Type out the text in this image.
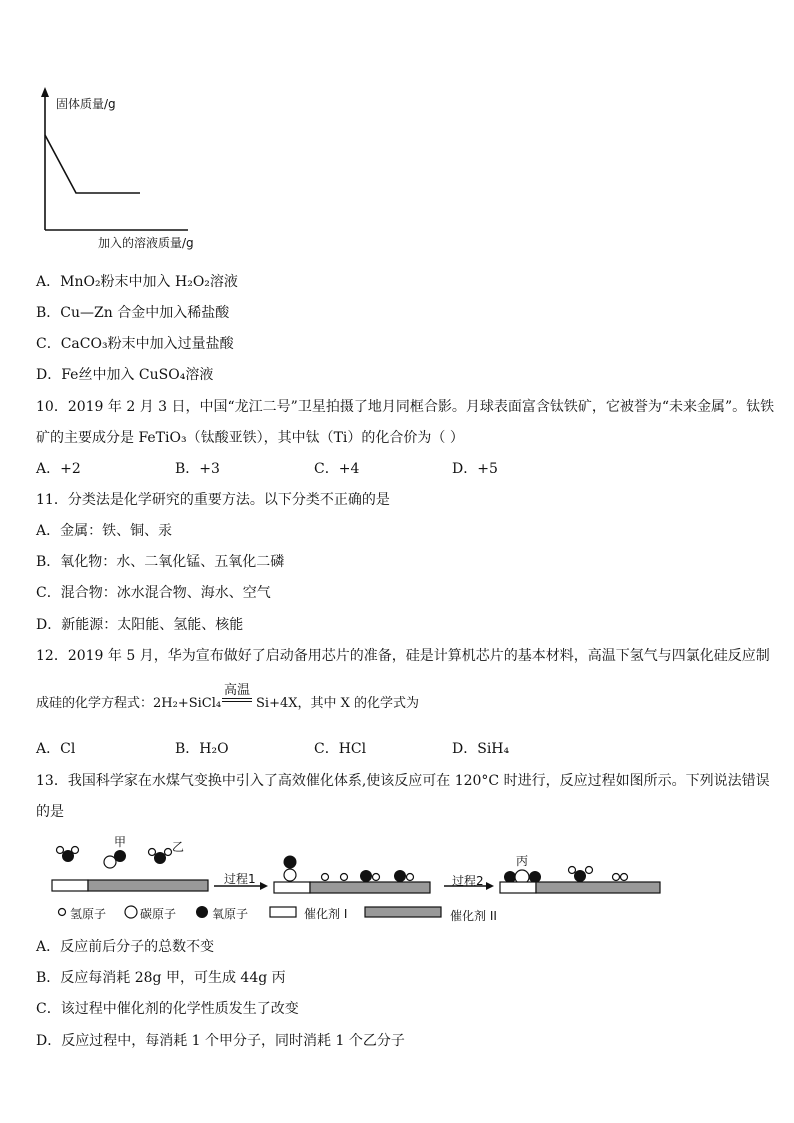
固体质量/g
加入的溶液质量/g
A．MnO₂粉末中加入 H₂O₂溶液
B．Cu—Zn 合金中加入稀盐酸
C．CaCO₃粉末中加入过量盐酸
D．Fe丝中加入 CuSO₄溶液
10．2019 年 2 月 3 日，中国“龙江二号”卫星拍摄了地月同框合影。月球表面富含钛铁矿，它被誉为“未来金属”。钛铁
矿的主要成分是 FeTiO₃（钛酸亚铁），其中钛（Ti）的化合价为（ ）
A．+2	B．+3	C．+4	D．+5
11．分类法是化学研究的重要方法。以下分类不正确的是
A．金属：铁、铜、汞
B．氧化物：水、二氧化锰、五氧化二磷
C．混合物：冰水混合物、海水、空气
D．新能源：太阳能、氢能、核能
12．2019 年 5 月，华为宣布做好了启动备用芯片的准备，硅是计算机芯片的基本材料，高温下氢气与四氯化硅反应制
成硅的化学方程式：2H₂+SiCl₄
高温
Si+4X，其中 X 的化学式为
A．Cl	B．H₂O	C．HCl	D．SiH₄
13．我国科学家在水煤气变换中引入了高效催化体系,使该反应可在 120°C 时进行，反应过程如图所示。下列说法错误
的是
甲	乙
过程1	过程2
丙
氢原子	碳原子	氧原子	催化剂 I	催化剂 II
A．反应前后分子的总数不变
B．反应每消耗 28g 甲，可生成 44g 丙
C．该过程中催化剂的化学性质发生了改变
D．反应过程中，每消耗 1 个甲分子，同时消耗 1 个乙分子
